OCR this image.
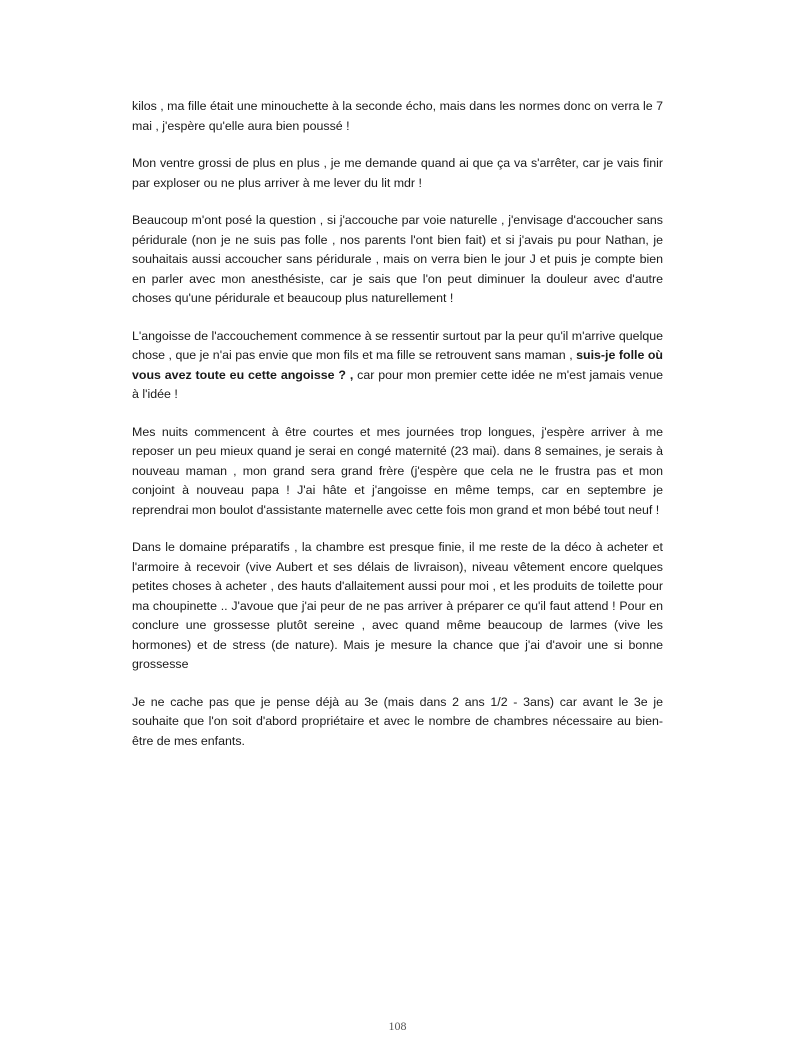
kilos , ma fille était une minouchette à la seconde écho, mais dans les normes donc on verra le 7 mai , j'espère qu'elle aura bien poussé !

Mon ventre grossi de plus en plus , je me demande quand ai que ça va s'arrêter, car je vais finir par exploser ou ne plus arriver à me lever du lit mdr !

Beaucoup m'ont posé la question , si j'accouche par voie naturelle , j'envisage d'accoucher sans péridurale (non je ne suis pas folle , nos parents l'ont bien fait) et si j'avais pu pour Nathan, je souhaitais aussi accoucher sans péridurale , mais on verra bien le jour J et puis je compte bien en parler avec mon anesthésiste, car je sais que l'on peut diminuer la douleur avec d'autre choses qu'une péridurale et beaucoup plus naturellement !

L'angoisse de l'accouchement commence à se ressentir surtout par la peur qu'il m'arrive quelque chose , que je n'ai pas envie que mon fils et ma fille se retrouvent sans maman , suis-je folle où vous avez toute eu cette angoisse ? , car pour mon premier cette idée ne m'est jamais venue à l'idée !

Mes nuits commencent à être courtes et mes journées trop longues, j'espère arriver à me reposer un peu mieux quand je serai en congé maternité (23 mai). dans 8 semaines, je serais à nouveau maman , mon grand sera grand frère (j'espère que cela ne le frustra pas et mon conjoint à nouveau papa ! J'ai hâte et j'angoisse en même temps, car en septembre je reprendrai mon boulot d'assistante maternelle avec cette fois mon grand et mon bébé tout neuf !

Dans le domaine préparatifs , la chambre est presque finie, il me reste de la déco à acheter et l'armoire à recevoir (vive Aubert et ses délais de livraison), niveau vêtement encore quelques petites choses à acheter , des hauts d'allaitement aussi pour moi , et les produits de toilette pour ma choupinette .. J'avoue que j'ai peur de ne pas arriver à préparer ce qu'il faut attend ! Pour en conclure une grossesse plutôt sereine , avec quand même beaucoup de larmes (vive les hormones) et de stress (de nature). Mais je mesure la chance que j'ai d'avoir une si bonne grossesse

Je ne cache pas que je pense déjà au 3e (mais dans 2 ans 1/2 - 3ans) car avant le 3e je souhaite que l'on soit d'abord propriétaire et avec le nombre de chambres nécessaire au bien-être de mes enfants.

108
